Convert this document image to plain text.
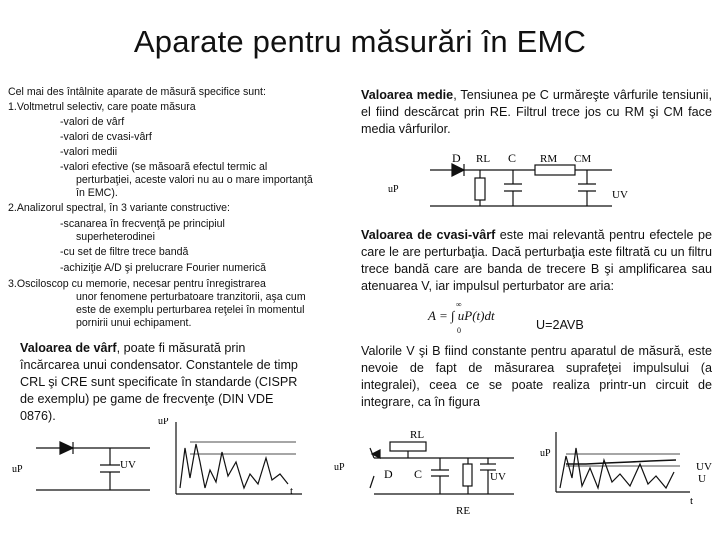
Aparate pentru măsurări în EMC
Cel mai des întâlnite aparate de măsură specifice sunt:
1.Voltmetrul selectiv, care poate măsura
-valori de vârf
-valori de cvasi-vârf
-valori medii
-valori efective (se măsoară efectul termic al
perturbaţiei, aceste valori nu au o mare importanţă
în EMC).
2.Analizorul spectral, în 3 variante constructive:
-scanarea în frecvenţă pe principiul
superheterodinei
-cu set de filtre trece bandă
-achiziţie A/D şi prelucrare Fourier numerică
3.Osciloscop cu memorie, necesar pentru înregistrarea
unor fenomene perturbatoare tranzitorii, aşa cum
este de exemplu perturbarea reţelei în momentul
pornirii unui echipament.
Valoarea de vârf, poate fi măsurată prin încărcarea unui condensator. Constantele de timp CRL şi CRE sunt specificate în standarde (CISPR de exemplu) pe game de frecvenţe (DIN VDE 0876).
Valoarea medie, Tensiunea pe C urmăreşte vârfurile tensiunii, el fiind descărcat prin RE. Filtrul trece jos cu RM şi CM face media vârfurilor.
Valoarea de cvasi-vârf este mai relevantă pentru efectele pe care le are perturbaţia. Dacă perturbaţia este filtrată cu un filtru trece bandă care are banda de trecere B şi amplificarea sau atenuarea V, iar impulsul perturbator are aria:
∞
A = ∫ uP(t)dt
0	U=2AVB
Valorile V şi B fiind constante pentru aparatul de măsură, este nevoie de fapt de măsurarea suprafeţei impulsului (a integralei), ceea ce se poate realiza printr-un circuit de integrare, ca în figura
D RL C RM CM
uP	UV
uP	UV
uP
t
uP
RL
D C	UV
RE
uP
UV
U
t
